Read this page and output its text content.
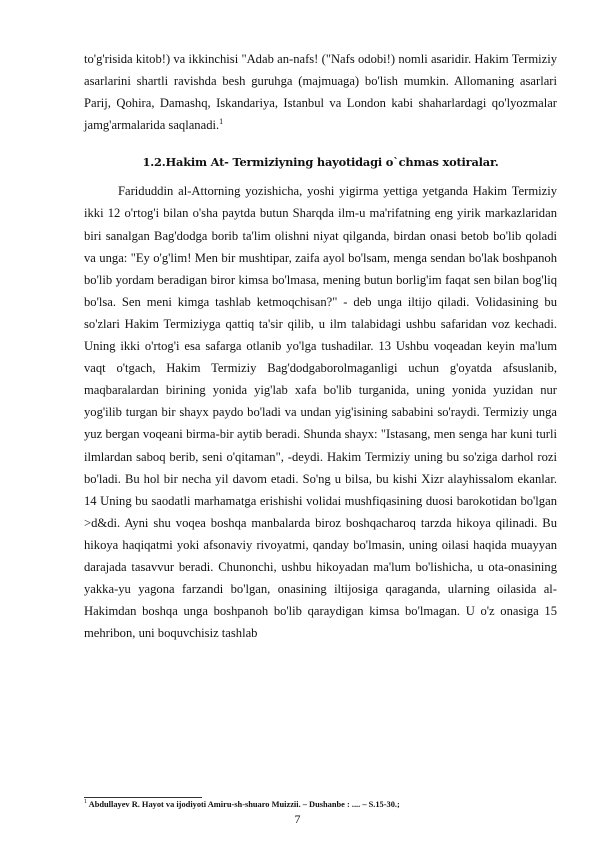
to'g'risida kitob!) va ikkinchisi "Adab an-nafs! ("Nafs odobi!) nomli asaridir. Hakim Termiziy asarlarini shartli ravishda besh guruhga (majmuaga) bo'lish mumkin. Allomaning asarlari Parij, Qohira, Damashq, Iskandariya, Istanbul va London kabi shaharlardagi qo'lyozmalar jamg'armalarida saqlanadi.$^1$

1.2.Hakim At- Termiziyning hayotidagi o`chmas xotiralar.

Fariduddin al-Attorning yozishicha, yoshi yigirma yettiga yetganda Hakim Termiziy ikki 12 o'rtog'i bilan o'sha paytda butun Sharqda ilm-u ma'rifatning eng yirik markazlaridan biri sanalgan Bag'dodga borib ta'lim olishni niyat qilganda, birdan onasi betob bo'lib qoladi va unga: "Ey o'g'lim! Men bir mushtipar, zaifa ayol bo'lsam, menga sendan bo'lak boshpanoh bo'lib yordam beradigan biror kimsa bo'lmasa, mening butun borlig'im faqat sen bilan bog'liq bo'lsa. Sen meni kimga tashlab ketmoqchisan?" - deb unga iltijo qiladi. Volidasining bu so'zlari Hakim Termiziyga qattiq ta'sir qilib, u ilm talabidagi ushbu safaridan voz kechadi. Uning ikki o'rtog'i esa safarga otlanib yo'lga tushadilar. 13 Ushbu voqeadan keyin ma'lum vaqt o'tgach, Hakim Termiziy Bag'dodgaborolmaganligi uchun g'oyatda afsuslanib, maqbaralardan birining yonida yig'lab xafa bo'lib turganida, uning yonida yuzidan nur yog'ilib turgan bir shayx paydo bo'ladi va undan yig'isining sababini so'raydi. Termiziy unga yuz bergan voqeani birma-bir aytib beradi. Shunda shayx: "Istasang, men senga har kuni turli ilmlardan saboq berib, seni o'qitaman", -deydi. Hakim Termiziy uning bu so'ziga darhol rozi bo'ladi. Bu hol bir necha yil davom etadi. So'ng u bilsa, bu kishi Xizr alayhissalom ekanlar. 14 Uning bu saodatli marhamatga erishishi volidai mushfiqasining duosi barokotidan bo'lgan >d&di. Ayni shu voqea boshqa manbalarda biroz boshqacharoq tarzda hikoya qilinadi. Bu hikoya haqiqatmi yoki afsonaviy rivoyatmi, qanday bo'lmasin, uning oilasi haqida muayyan darajada tasavvur beradi. Chunonchi, ushbu hikoyadan ma'lum bo'lishicha, u ota-onasining yakka-yu yagona farzandi bo'lgan, onasining iltijosiga qaraganda, ularning oilasida al-Hakimdan boshqa unga boshpanoh bo'lib qaraydigan kimsa bo'lmagan. U o'z onasiga 15 mehribon, uni boquvchisiz tashlab

$^1$ Abdullayev R. Hayot va ijodiyoti Amiru-sh-shuaro Muizzii. – Dushanbe : .... – S.15-30.;
7
